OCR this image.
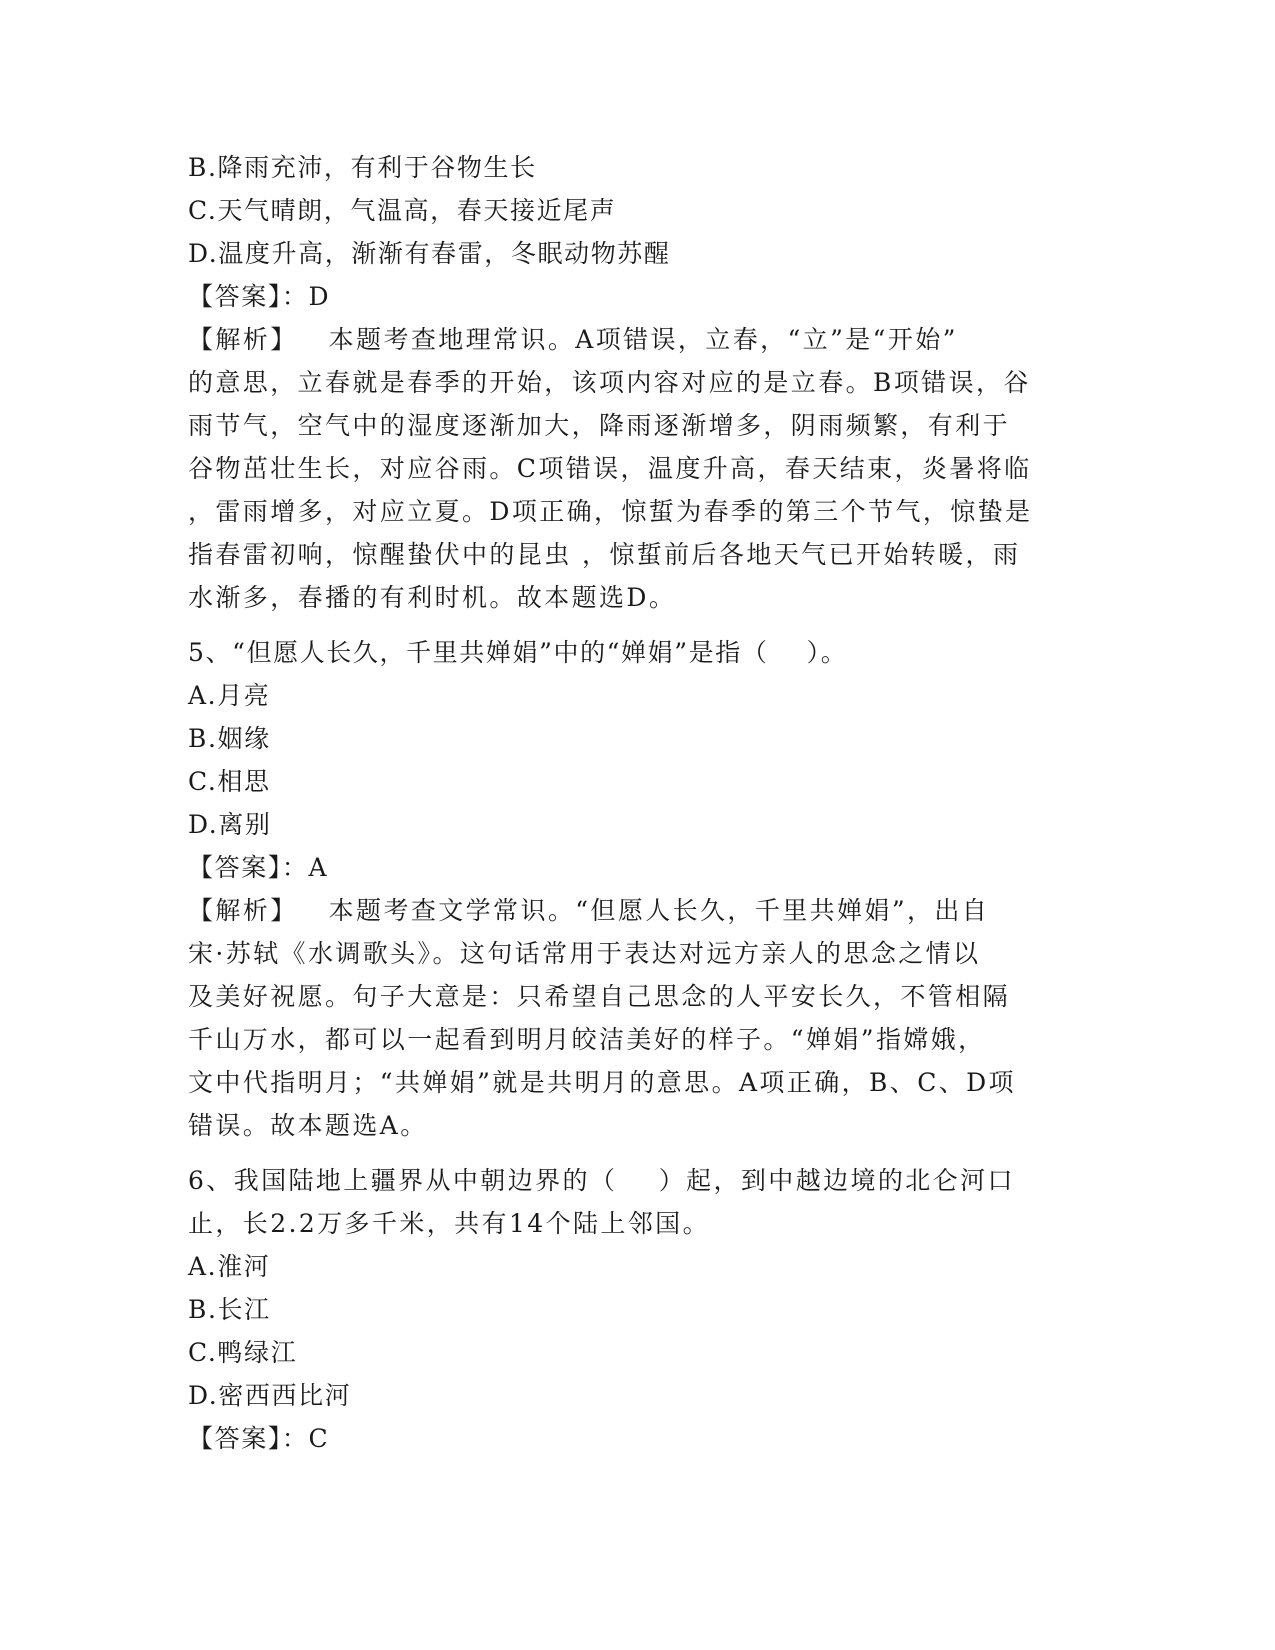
B.降雨充沛，有利于谷物生长
C.天气晴朗，气温高，春天接近尾声
D.温度升高，渐渐有春雷，冬眠动物苏醒
【答案】：D
【解析】   本题考查地理常识。A项错误，立春，“立”是“开始”
的意思，立春就是春季的开始，该项内容对应的是立春。B项错误，谷
雨节气，空气中的湿度逐渐加大，降雨逐渐增多，阴雨频繁，有利于
谷物茁壮生长，对应谷雨。C项错误，温度升高，春天结束，炎暑将临
，雷雨增多，对应立夏。D项正确，惊蜇为春季的第三个节气，惊蛰是
指春雷初响，惊醒蛰伏中的昆虫 ，惊蜇前后各地天气已开始转暖，雨
水渐多，春播的有利时机。故本题选D。
5、“但愿人长久，千里共婵娟”中的“婵娟”是指（    ）。
A.月亮
B.姻缘
C.相思
D.离别
【答案】：A
【解析】   本题考查文学常识。“但愿人长久，千里共婵娟”，出自
宋·苏轼《水调歌头》。这句话常用于表达对远方亲人的思念之情以
及美好祝愿。句子大意是：只希望自己思念的人平安长久，不管相隔
千山万水，都可以一起看到明月皎洁美好的样子。“婵娟”指嫦娥，
文中代指明月；“共婵娟”就是共明月的意思。A项正确，B、C、D项
错误。故本题选A。
6、我国陆地上疆界从中朝边界的（    ）起，到中越边境的北仑河口
止，长2.2万多千米，共有14个陆上邻国。
A.淮河
B.长江
C.鸭绿江
D.密西西比河
【答案】：C
